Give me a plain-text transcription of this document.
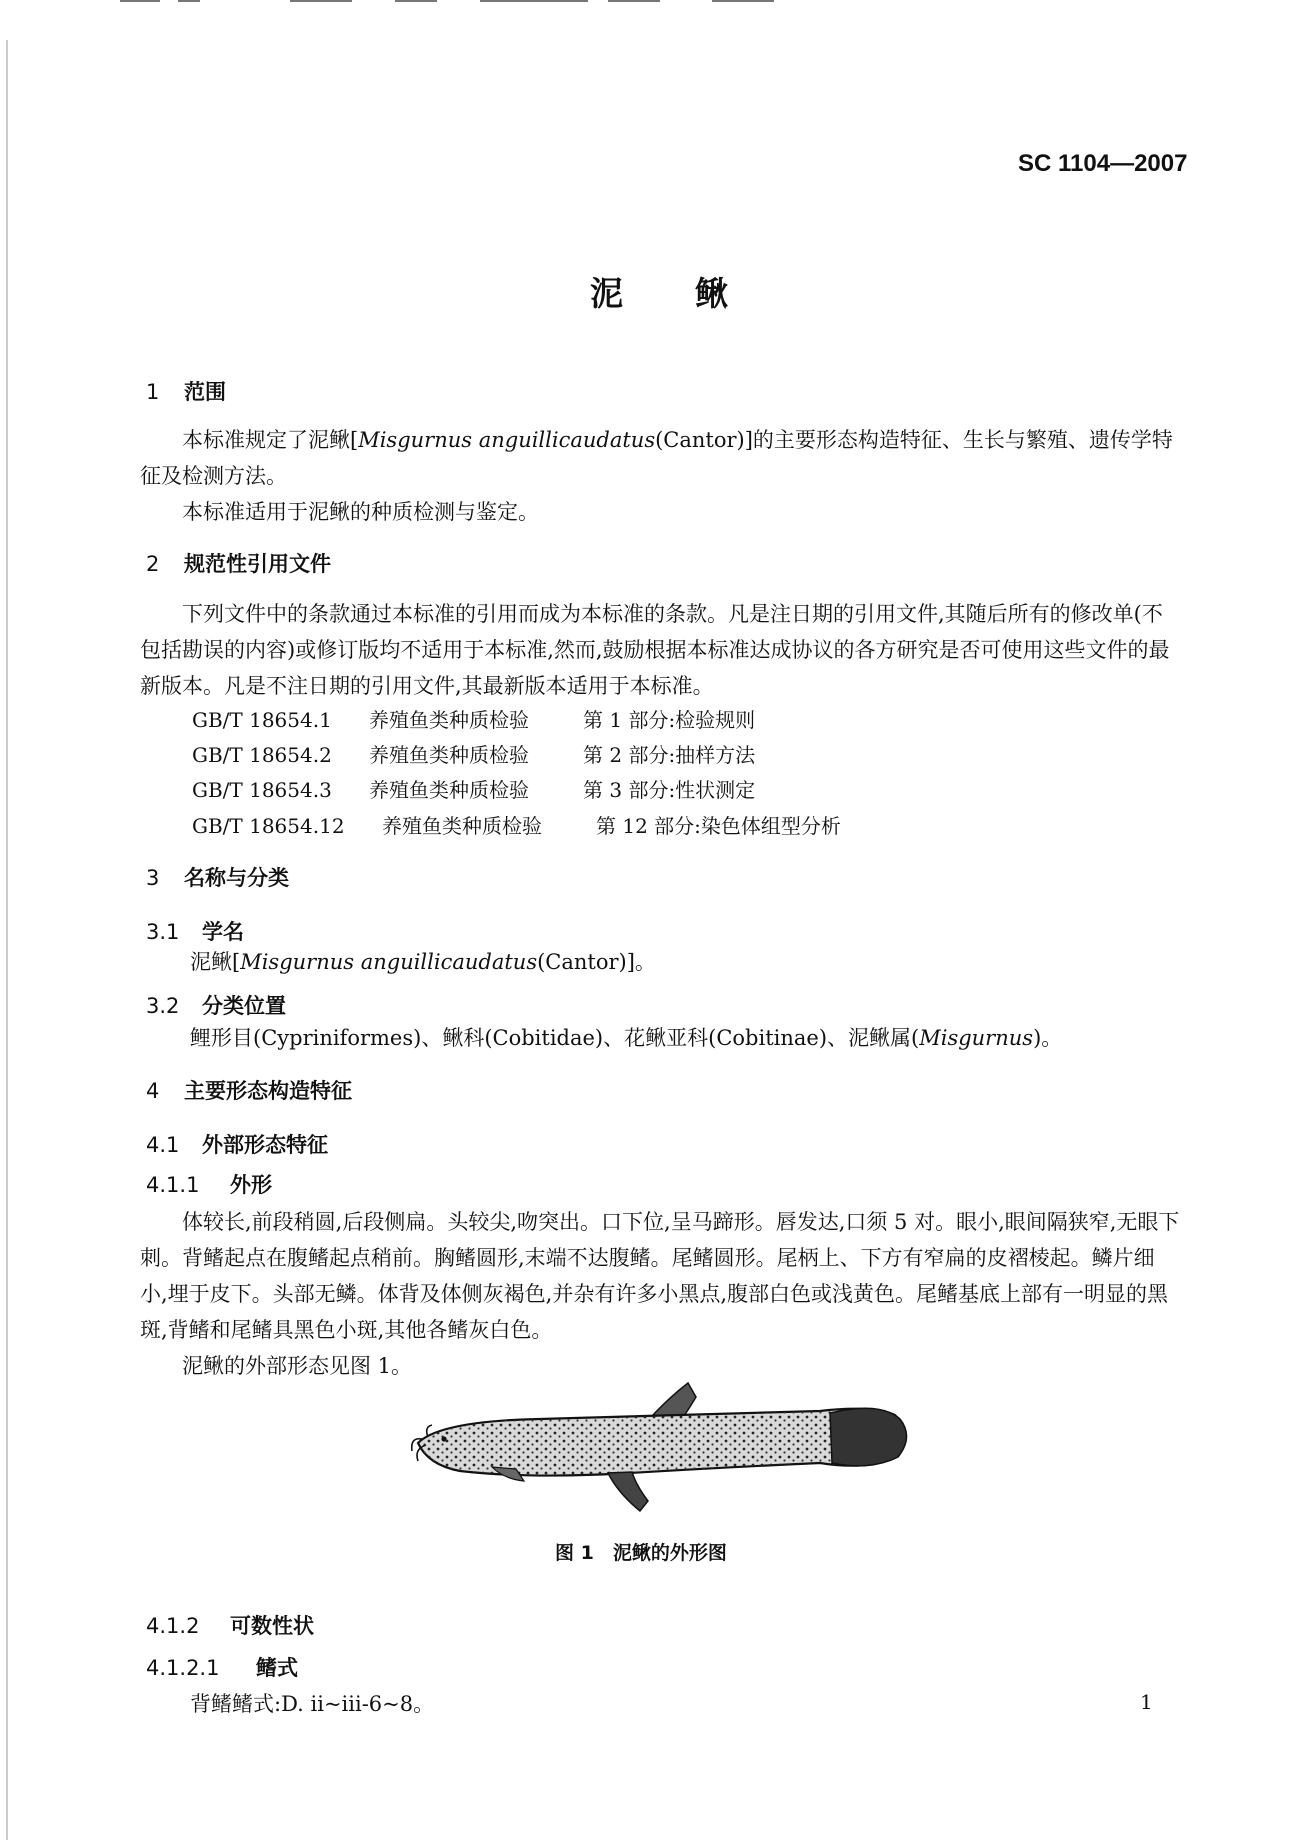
SC 1104—2007
泥 鳅
1 范围

本标准规定了泥鳅[Misgurnus anguillicaudatus(Cantor)]的主要形态构造特征、生长与繁殖、遗传学特征及检测方法。

本标准适用于泥鳅的种质检测与鉴定。

2 规范性引用文件

下列文件中的条款通过本标准的引用而成为本标准的条款。凡是注日期的引用文件,其随后所有的修改单(不包括勘误的内容)或修订版均不适用于本标准,然而,鼓励根据本标准达成协议的各方研究是否可使用这些文件的最新版本。凡是不注日期的引用文件,其最新版本适用于本标准。

GB/T 18654.1 养殖鱼类种质检验	第 1 部分:检验规则
GB/T 18654.2 养殖鱼类种质检验	第 2 部分:抽样方法
GB/T 18654.3 养殖鱼类种质检验	第 3 部分:性状测定
GB/T 18654.12 养殖鱼类种质检验	第 12 部分:染色体组型分析
3 名称与分类
3.1 学名
泥鳅[Misgurnus anguillicaudatus(Cantor)]。
3.2 分类位置
鲤形目(Cypriniformes)、鳅科(Cobitidae)、花鳅亚科(Cobitinae)、泥鳅属(Misgurnus)。
4 主要形态构造特征
4.1 外部形态特征
4.1.1 外形

体较长,前段稍圆,后段侧扁。头较尖,吻突出。口下位,呈马蹄形。唇发达,口须 5 对。眼小,眼间隔狭窄,无眼下刺。背鳍起点在腹鳍起点稍前。胸鳍圆形,末端不达腹鳍。尾鳍圆形。尾柄上、下方有窄扁的皮褶棱起。鳞片细小,埋于皮下。头部无鳞。体背及体侧灰褐色,并杂有许多小黑点,腹部白色或浅黄色。尾鳍基底上部有一明显的黑斑,背鳍和尾鳍具黑色小斑,其他各鳍灰白色。

泥鳅的外部形态见图 1。

图 1　泥鳅的外形图
4.1.2 可数性状
4.1.2.1 鳍式
背鳍鳍式:D. ii~iii-6~8。	1
